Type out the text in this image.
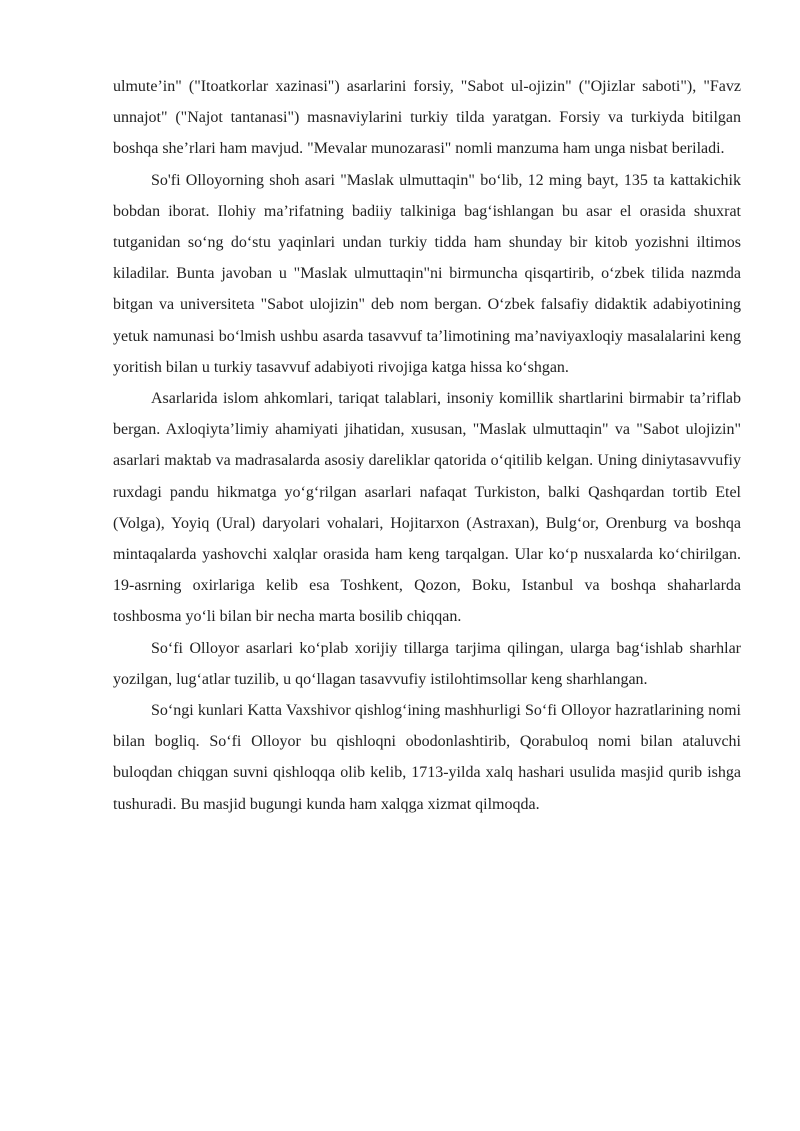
ulmute’in" ("Itoatkorlar xazinasi") asarlarini forsiy, "Sabot ul-ojizin" ("Ojizlar saboti"), "Favz unnajot" ("Najot tantanasi") masnaviylarini turkiy tilda yaratgan. Forsiy va turkiyda bitilgan boshqa she’rlari ham mavjud. "Mevalar munozarasi" nomli manzuma ham unga nisbat beriladi.

So'fi Olloyorning shoh asari "Maslak ulmuttaqin" bo‘lib, 12 ming bayt, 135 ta kattakichik bobdan iborat. Ilohiy ma’rifatning badiiy talkiniga bag‘ishlangan bu asar el orasida shuxrat tutganidan so‘ng do‘stu yaqinlari undan turkiy tidda ham shunday bir kitob yozishni iltimos kiladilar. Bunta javoban u "Maslak ulmuttaqin"ni birmuncha qisqartirib, o‘zbek tilida nazmda bitgan va universiteta "Sabot ulojizin" deb nom bergan. O‘zbek falsafiy didaktik adabiyotining yetuk namunasi bo‘lmish ushbu asarda tasavvuf ta’limotining ma’naviyaxloqiy masalalarini keng yoritish bilan u turkiy tasavvuf adabiyoti rivojiga katga hissa ko‘shgan.

Asarlarida islom ahkomlari, tariqat talablari, insoniy komillik shartlarini birmabir ta’riflab bergan. Axloqiyta’limiy ahamiyati jihatidan, xususan, "Maslak ulmuttaqin" va "Sabot ulojizin" asarlari maktab va madrasalarda asosiy dareliklar qatorida o‘qitilib kelgan. Uning diniytasavvufiy ruxdagi pandu hikmatga yo‘g‘rilgan asarlari nafaqat Turkiston, balki Qashqardan tortib Etel (Volga), Yoyiq (Ural) daryolari vohalari, Hojitarxon (Astraxan), Bulg‘or, Orenburg va boshqa mintaqalarda yashovchi xalqlar orasida ham keng tarqalgan. Ular ko‘p nusxalarda ko‘chirilgan. 19-asrning oxirlariga kelib esa Toshkent, Qozon, Boku, Istanbul va boshqa shaharlarda toshbosma yo‘li bilan bir necha marta bosilib chiqqan.

So‘fi Olloyor asarlari ko‘plab xorijiy tillarga tarjima qilingan, ularga bag‘ishlab sharhlar yozilgan, lug‘atlar tuzilib, u qo‘llagan tasavvufiy istilohtimsollar keng sharhlangan.

So‘ngi kunlari Katta Vaxshivor qishlog‘ining mashhurligi So‘fi Olloyor hazratlarining nomi bilan bogliq. So‘fi Olloyor bu qishloqni obodonlashtirib, Qorabuloq nomi bilan ataluvchi buloqdan chiqgan suvni qishloqqa olib kelib, 1713-yilda xalq hashari usulida masjid qurib ishga tushuradi. Bu masjid bugungi kunda ham xalqga xizmat qilmoqda.
